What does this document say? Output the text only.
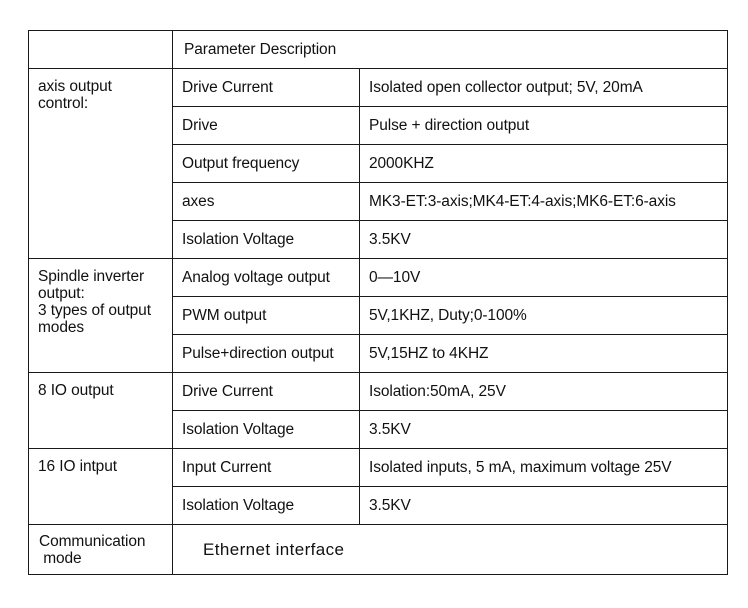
	Parameter Description	

axis output
control:	Drive Current	Isolated open collector output; 5V, 20mA
	Drive	Pulse + direction output
	Output frequency	2000KHZ
	axes	MK3-ET:3-axis;MK4-ET:4-axis;MK6-ET:6-axis
	Isolation Voltage	3.5KV

Spindle inverter
output:
3 types of output
modes	Analog voltage output	0—10V
	PWM output	5V,1KHZ, Duty;0-100%
	Pulse+direction output	5V,15HZ to 4KHZ

8 IO output	Drive Current	Isolation:50mA, 25V
	Isolation Voltage	3.5KV

16 IO intput	Input Current	Isolated inputs, 5 mA, maximum voltage 25V
	Isolation Voltage	3.5KV

Communication
mode	Ethernet interface	
